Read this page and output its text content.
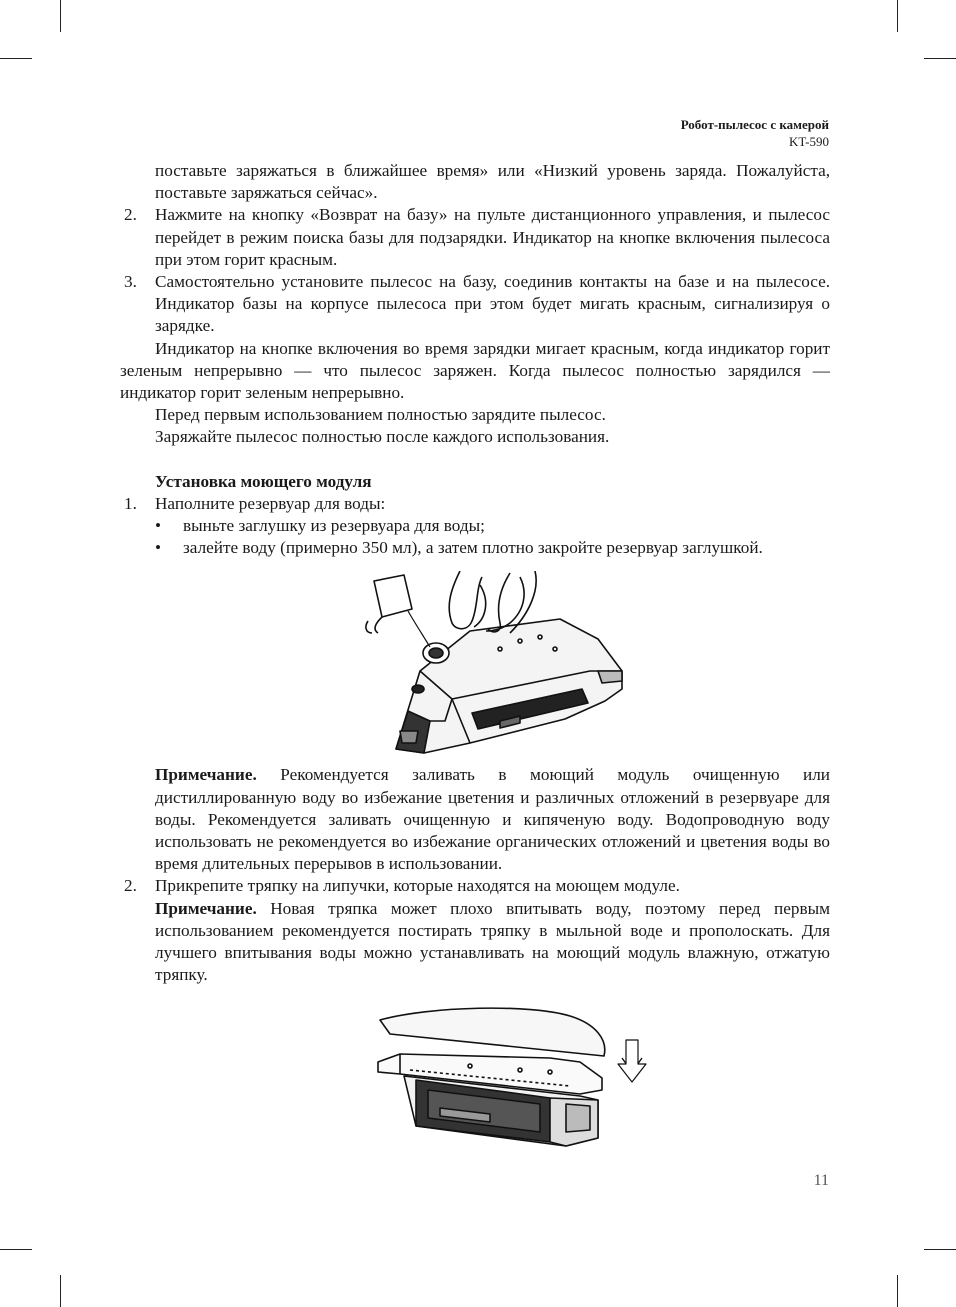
Робот-пылесос с камерой
KT-590
поставьте заряжаться в ближайшее время» или «Низкий уровень заряда. Пожалуйста, поставьте заряжаться сейчас».
2. Нажмите на кнопку «Возврат на базу» на пульте дистанционного управления, и пылесос перейдет в режим поиска базы для подзарядки. Индикатор на кнопке включения пылесоса при этом горит красным.
3. Самостоятельно установите пылесос на базу, соединив контакты на базе и на пылесосе. Индикатор базы на корпусе пылесоса при этом будет мигать красным, сигнализируя о зарядке.
Индикатор на кнопке включения во время зарядки мигает красным, когда индикатор горит зеленым непрерывно — что пылесос заряжен. Когда пылесос полностью зарядился — индикатор горит зеленым непрерывно.
Перед первым использованием полностью зарядите пылесос.
Заряжайте пылесос полностью после каждого использования.
Установка моющего модуля
1. Наполните резервуар для воды:
• выньте заглушку из резервуара для воды;
• залейте воду (примерно 350 мл), а затем плотно закройте резервуар заглушкой.
Примечание. Рекомендуется заливать в моющий модуль очищенную или дистиллированную воду во избежание цветения и различных отложений в резервуаре для воды. Рекомендуется заливать очищенную и кипяченую воду. Водопроводную воду использовать не рекомендуется во избежание органических отложений и цветения воды во время длительных перерывов в использовании.
2. Прикрепите тряпку на липучки, которые находятся на моющем модуле.
Примечание. Новая тряпка может плохо впитывать воду, поэтому перед первым использованием рекомендуется постирать тряпку в мыльной воде и прополоскать. Для лучшего впитывания воды можно устанавливать на моющий модуль влажную, отжатую тряпку.
11
